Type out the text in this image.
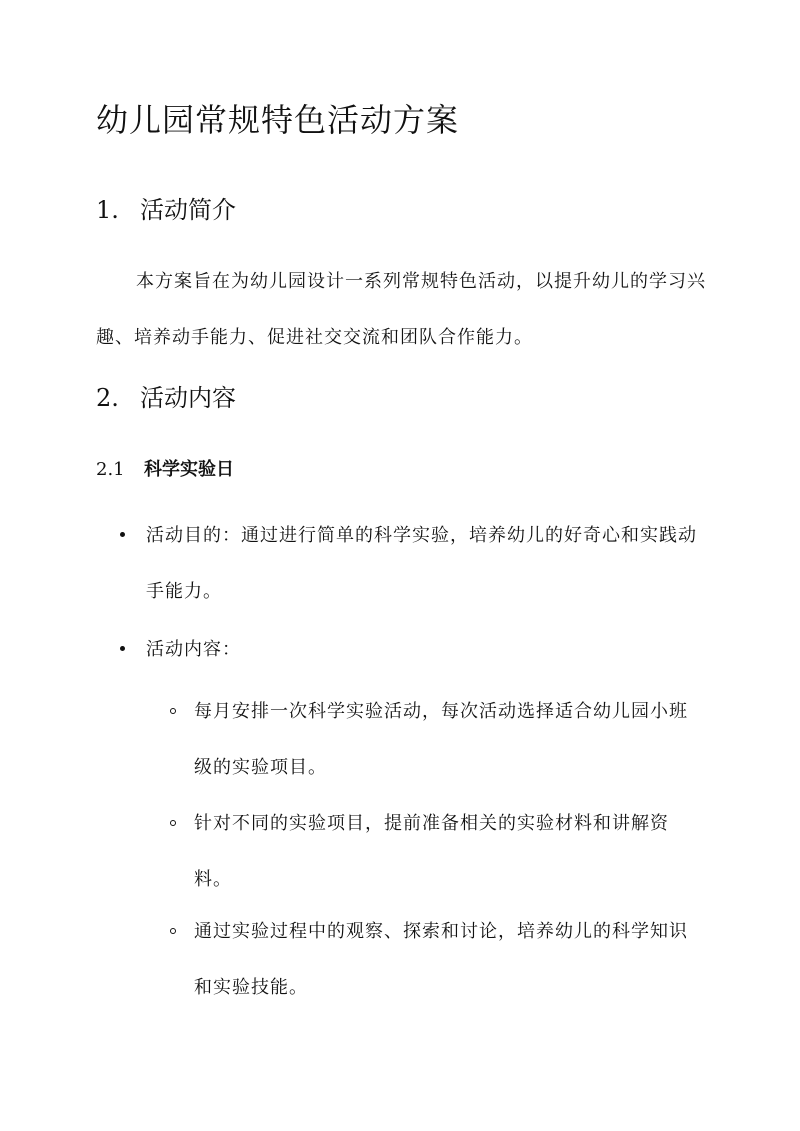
幼儿园常规特色活动方案
1. 活动简介

本方案旨在为幼儿园设计一系列常规特色活动，以提升幼儿的学习兴趣、培养动手能力、促进社交交流和团队合作能力。

2. 活动内容
2.1 科学实验日
活动目的：通过进行简单的科学实验，培养幼儿的好奇心和实践动手能力。
活动内容：
每月安排一次科学实验活动，每次活动选择适合幼儿园小班级的实验项目。
针对不同的实验项目，提前准备相关的实验材料和讲解资料。
通过实验过程中的观察、探索和讨论，培养幼儿的科学知识和实验技能。
